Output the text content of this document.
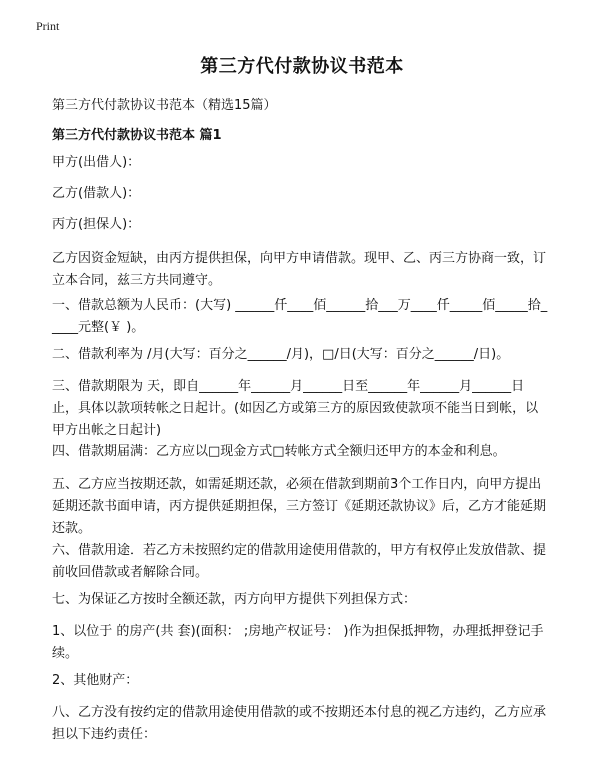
Print
第三方代付款协议书范本

第三方代付款协议书范本（精选15篇）

第三方代付款协议书范本 篇1

甲方(出借人)：

乙方(借款人)：

丙方(担保人)：

乙方因资金短缺，由丙方提供担保，向甲方申请借款。现甲、乙、丙三方协商一致，订立本合同，兹三方共同遵守。

一、借款总额为人民币：(大写) ______仟____佰______拾___万____仟_____佰_____拾_____元整(￥ )。

二、借款利率为 /月(大写：百分之______/月)，□/日(大写：百分之______/日)。

三、借款期限为 天，即自______年______月______日至______年______月______日止，具体以款项转帐之日起计。(如因乙方或第三方的原因致使款项不能当日到帐，以甲方出帐之日起计)

四、借款期届满：乙方应以□现金方式□转帐方式全额归还甲方的本金和利息。

五、乙方应当按期还款，如需延期还款，必须在借款到期前3个工作日内，向甲方提出延期还款书面申请，丙方提供延期担保，三方签订《延期还款协议》后，乙方才能延期还款。

六、借款用途．若乙方未按照约定的借款用途使用借款的，甲方有权停止发放借款、提前收回借款或者解除合同。

七、为保证乙方按时全额还款，丙方向甲方提供下列担保方式：

1、以位于 的房产(共 套)(面积： ;房地产权证号： )作为担保抵押物，办理抵押登记手续。

2、其他财产：

八、乙方没有按约定的借款用途使用借款的或不按期还本付息的视乙方违约，乙方应承担以下违约责任：
